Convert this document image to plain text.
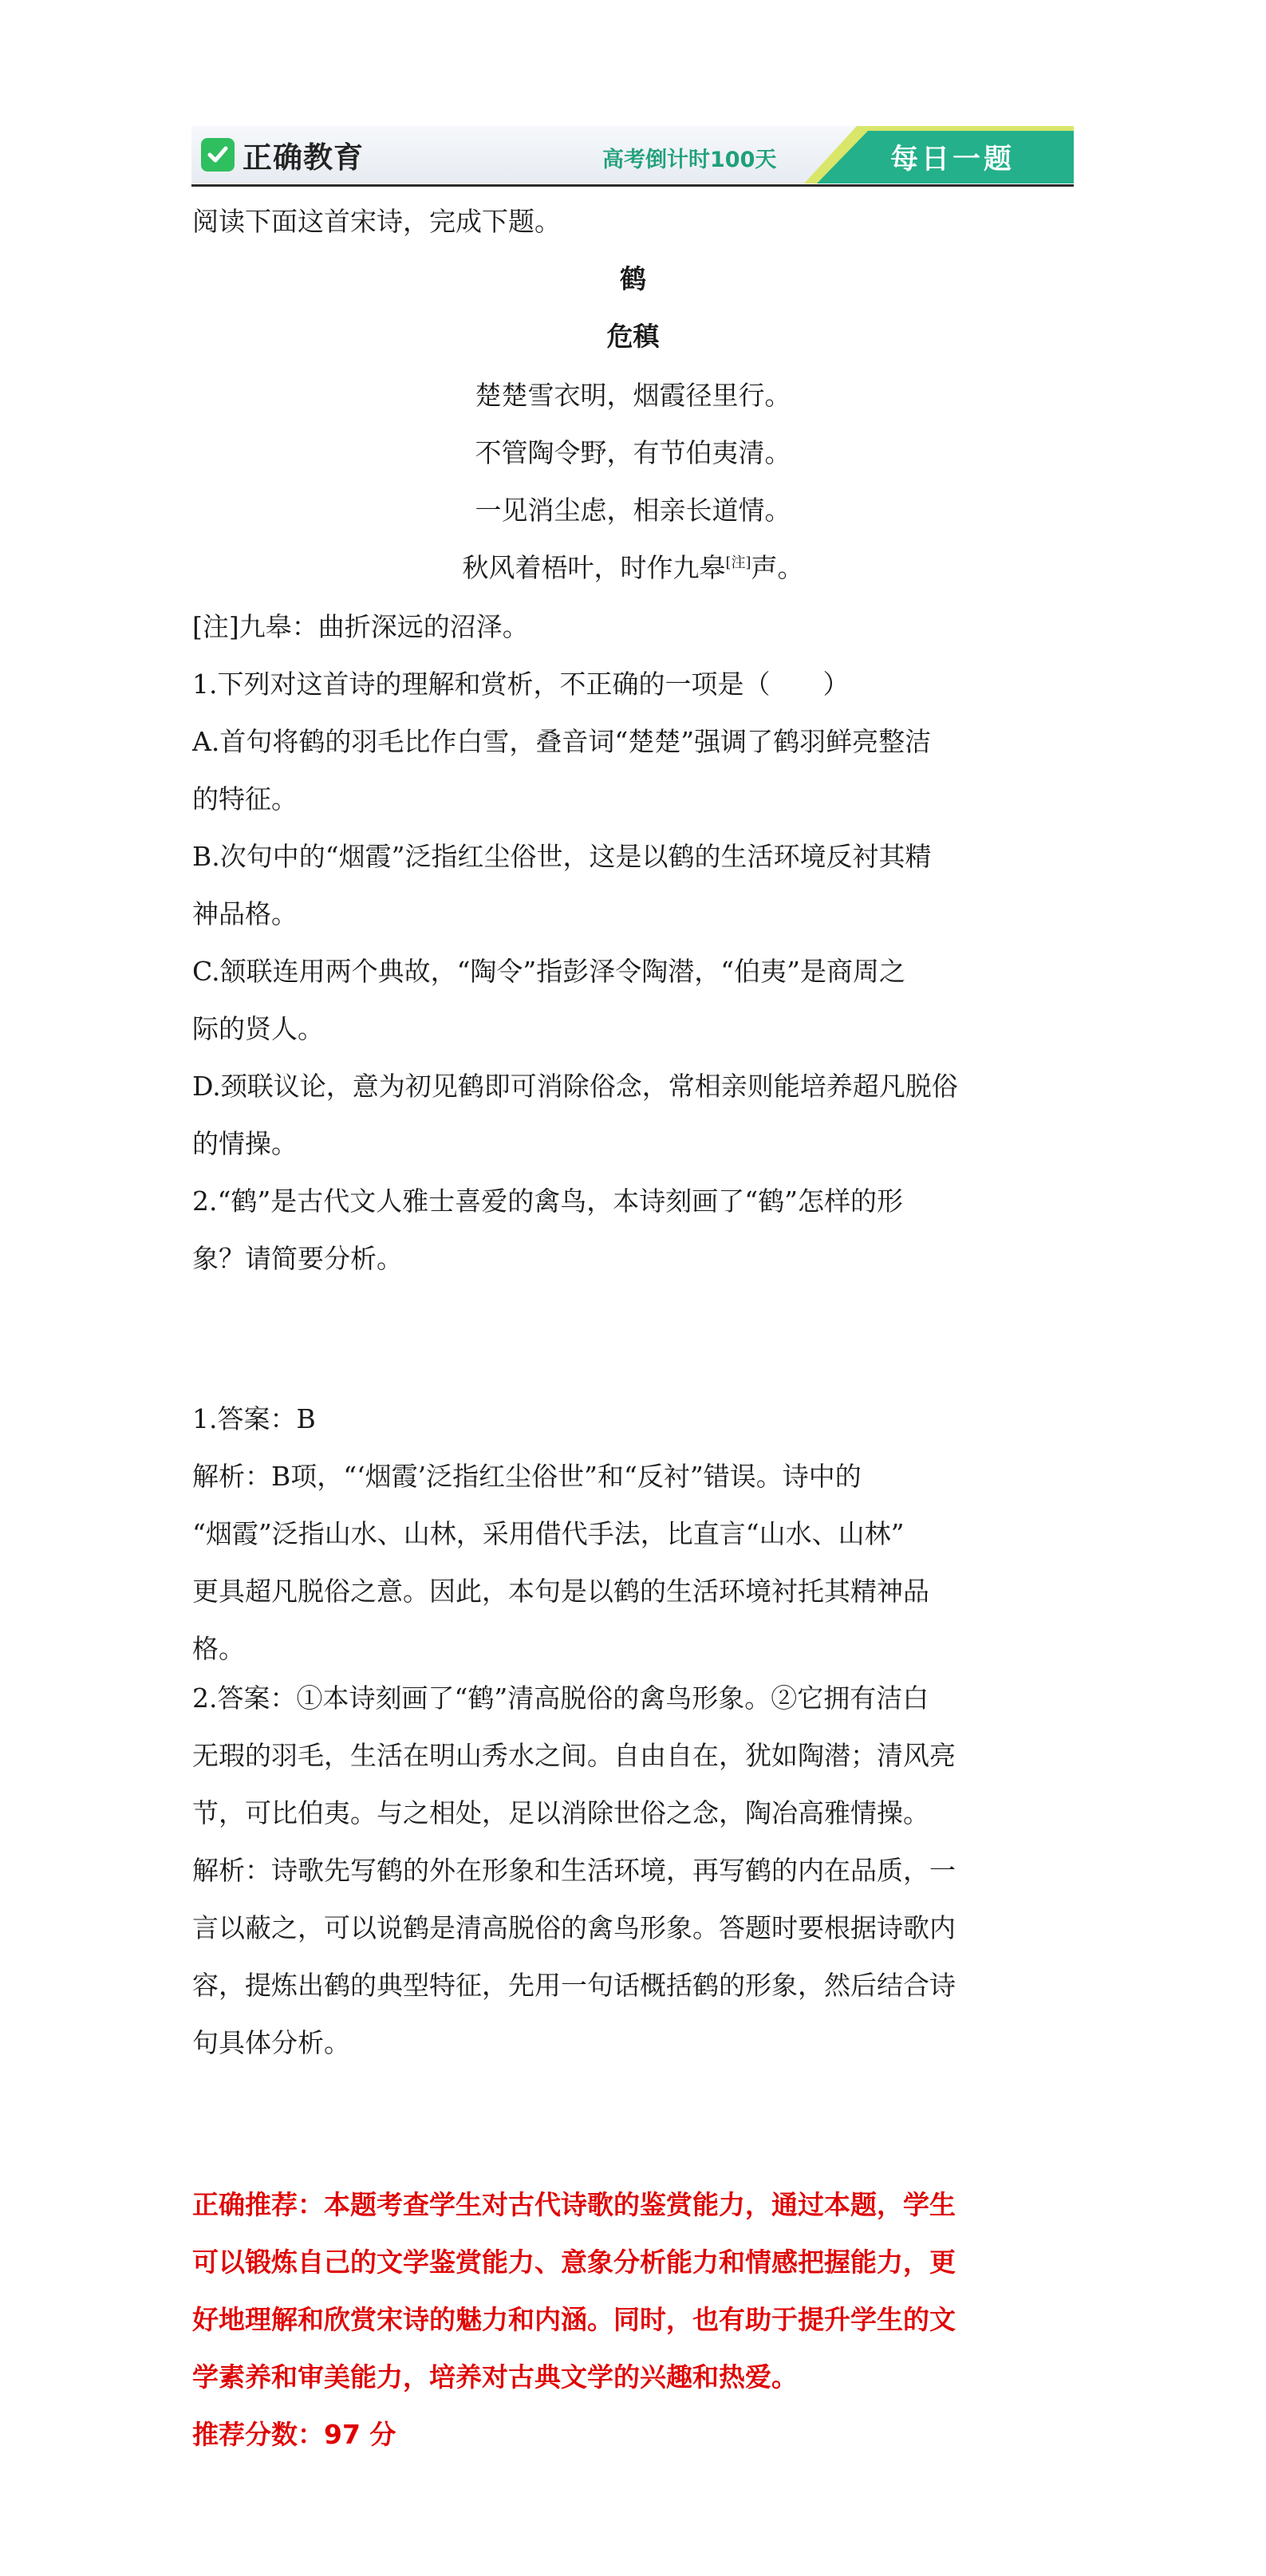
正确教育	高考倒计时100天	每日一题
阅读下面这首宋诗，完成下题。
鹤
危稹
楚楚雪衣明，烟霞径里行。
不管陶令野，有节伯夷清。
一见消尘虑，相亲长道情。
秋风着梧叶，时作九皋[注]声。
[注]九皋：曲折深远的沼泽。
1.下列对这首诗的理解和赏析，不正确的一项是（　　）
A.首句将鹤的羽毛比作白雪，叠音词“楚楚”强调了鹤羽鲜亮整洁
的特征。
B.次句中的“烟霞”泛指红尘俗世，这是以鹤的生活环境反衬其精
神品格。
C.颔联连用两个典故，“陶令”指彭泽令陶潜，“伯夷”是商周之
际的贤人。
D.颈联议论，意为初见鹤即可消除俗念，常相亲则能培养超凡脱俗
的情操。
2.“鹤”是古代文人雅士喜爱的禽鸟，本诗刻画了“鹤”怎样的形
象？请简要分析。
1.答案：B
解析：B项，“‘烟霞’泛指红尘俗世”和“反衬”错误。诗中的
“烟霞”泛指山水、山林，采用借代手法，比直言“山水、山林”
更具超凡脱俗之意。因此，本句是以鹤的生活环境衬托其精神品
格。
2.答案：①本诗刻画了“鹤”清高脱俗的禽鸟形象。②它拥有洁白
无瑕的羽毛，生活在明山秀水之间。自由自在，犹如陶潜；清风亮
节，可比伯夷。与之相处，足以消除世俗之念，陶冶高雅情操。
解析：诗歌先写鹤的外在形象和生活环境，再写鹤的内在品质，一
言以蔽之，可以说鹤是清高脱俗的禽鸟形象。答题时要根据诗歌内
容，提炼出鹤的典型特征，先用一句话概括鹤的形象，然后结合诗
句具体分析。
正确推荐：本题考查学生对古代诗歌的鉴赏能力，通过本题，学生
可以锻炼自己的文学鉴赏能力、意象分析能力和情感把握能力，更
好地理解和欣赏宋诗的魅力和内涵。同时，也有助于提升学生的文
学素养和审美能力，培养对古典文学的兴趣和热爱。
推荐分数：97 分
